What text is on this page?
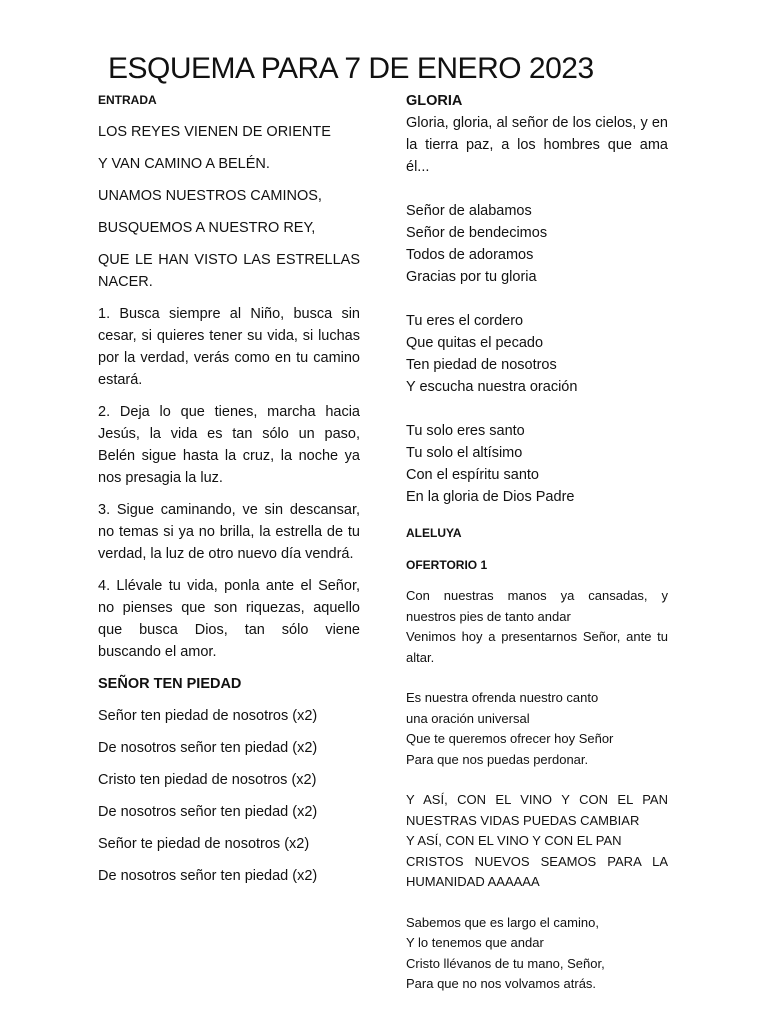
ESQUEMA PARA 7 DE ENERO 2023
ENTRADA
LOS REYES VIENEN DE ORIENTE
Y VAN CAMINO A BELÉN.
UNAMOS NUESTROS CAMINOS,
BUSQUEMOS A NUESTRO REY,

QUE LE HAN VISTO LAS ESTRELLAS NACER.

1. Busca siempre al Niño, busca sin cesar, si quieres tener su vida, si luchas por la verdad, verás como en tu camino estará.

2. Deja lo que tienes, marcha hacia Jesús, la vida es tan sólo un paso, Belén sigue hasta la cruz, la noche ya nos presagia la luz.

3. Sigue caminando, ve sin descansar, no temas si ya no brilla, la estrella de tu verdad, la luz de otro nuevo día vendrá.

4. Llévale tu vida, ponla ante el Señor, no pienses que son riquezas, aquello que busca Dios, tan sólo viene buscando el amor.

SEÑOR TEN PIEDAD
Señor ten piedad de nosotros (x2)
De nosotros señor ten piedad (x2)
Cristo ten piedad de nosotros (x2)
De nosotros señor ten piedad (x2)
Señor te piedad de nosotros (x2)
De nosotros señor ten piedad (x2)
GLORIA

Gloria, gloria, al señor de los cielos, y en la tierra paz, a los hombres que ama él...

Señor de alabamos
Señor de bendecimos
Todos de adoramos
Gracias por tu gloria
Tu eres el cordero
Que quitas el pecado
Ten piedad de nosotros
Y escucha nuestra oración
Tu solo eres santo
Tu solo el altísimo
Con el espíritu santo
En la gloria de Dios Padre
ALELUYA
OFERTORIO 1

Con nuestras manos ya cansadas, y nuestros pies de tanto andar

Venimos hoy a presentarnos Señor, ante tu altar.

Es nuestra ofrenda nuestro canto
una oración universal
Que te queremos ofrecer hoy Señor
Para que nos puedas perdonar.

Y ASÍ, CON EL VINO Y CON EL PAN

NUESTRAS VIDAS PUEDAS CAMBIAR
Y ASÍ, CON EL VINO Y CON EL PAN

CRISTOS NUEVOS SEAMOS PARA LA HUMANIDAD AAAAAA

Sabemos que es largo el camino,
Y lo tenemos que andar
Cristo llévanos de tu mano, Señor,
Para que no nos volvamos atrás.
